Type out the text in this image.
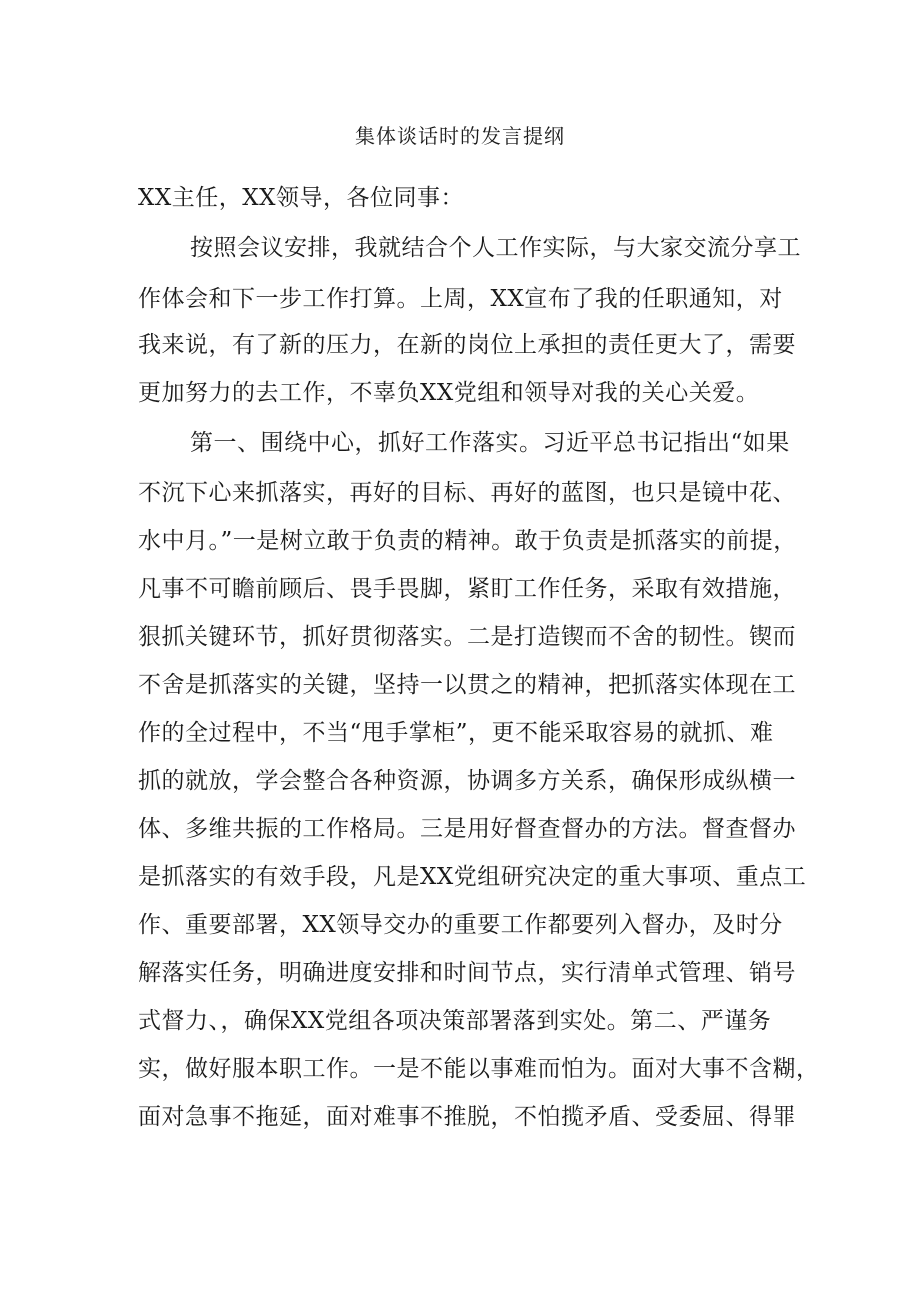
集体谈话时的发言提纲
XX主任，XX领导，各位同事：
按照会议安排，我就结合个人工作实际，与大家交流分享工
作体会和下一步工作打算。上周，XX宣布了我的任职通知，对
我来说，有了新的压力，在新的岗位上承担的责任更大了，需要
更加努力的去工作，不辜负XX党组和领导对我的关心关爱。
第一、围绕中心，抓好工作落实。习近平总书记指出“如果
不沉下心来抓落实，再好的目标、再好的蓝图，也只是镜中花、
水中月。”一是树立敢于负责的精神。敢于负责是抓落实的前提，
凡事不可瞻前顾后、畏手畏脚，紧盯工作任务，采取有效措施，
狠抓关键环节，抓好贯彻落实。二是打造锲而不舍的韧性。锲而
不舍是抓落实的关键，坚持一以贯之的精神，把抓落实体现在工
作的全过程中，不当“甩手掌柜”，更不能采取容易的就抓、难
抓的就放，学会整合各种资源，协调多方关系，确保形成纵横一
体、多维共振的工作格局。三是用好督查督办的方法。督查督办
是抓落实的有效手段，凡是XX党组研究决定的重大事项、重点工
作、重要部署，XX领导交办的重要工作都要列入督办，及时分
解落实任务，明确进度安排和时间节点，实行清单式管理、销号
式督力、，确保XX党组各项决策部署落到实处。第二、严谨务
实，做好服本职工作。一是不能以事难而怕为。面对大事不含糊，
面对急事不拖延，面对难事不推脱，不怕揽矛盾、受委屈、得罪
